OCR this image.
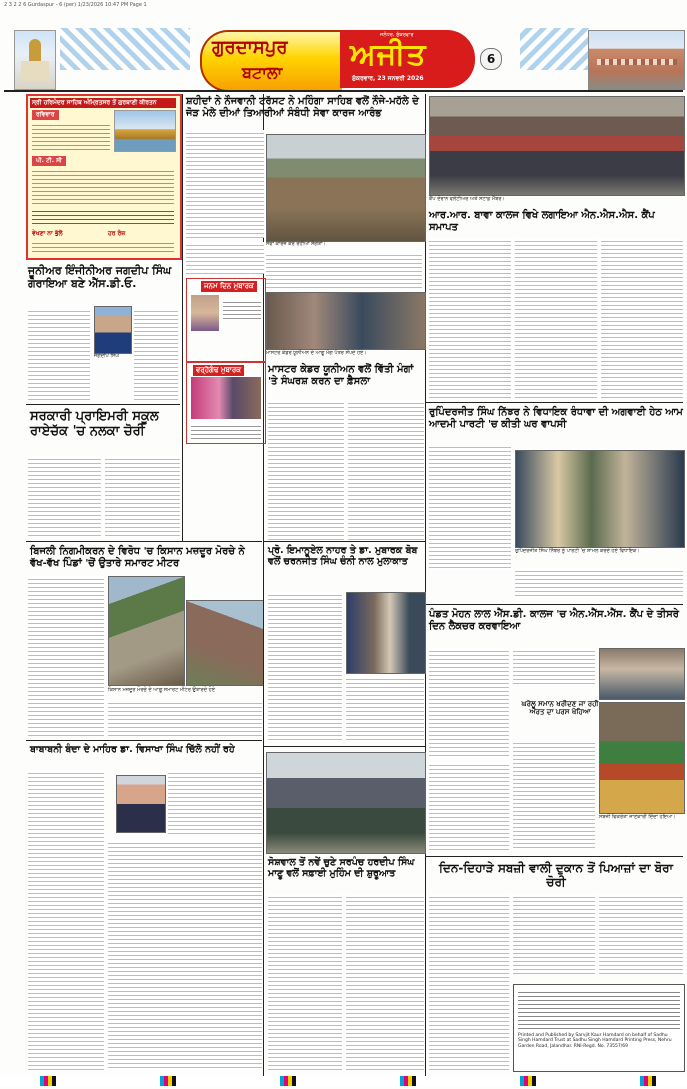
2 3 2 2 6 Gurdaspur - 6 (per) 1/23/2026 10:47 PM Page 1
ਗੁਰਦਾਸਪੁਰ
ਬਟਾਲਾ
ਜਲੰਧਰ, ਸ਼ੁੱਕਰਵਾਰ
ਅਜੀਤ
ਸ਼ੁੱਕਰਵਾਰ, 23 ਜਨਵਰੀ 2026
6
ਸ੍ਰੀ ਹਰਿਮੰਦਰ ਸਾਹਿਬ ਅੰਮ੍ਰਿਤਸਰ ਤੋਂ ਗੁਰਬਾਣੀ ਕੀਰਤਨ
ਰਵਿਵਾਰ
ਪੀ. ਟੀ. ਸੀ
ਵੇਖਣਾ ਨਾ ਭੁੱਲੋ	ਹਰ ਰੋਜ਼
ਜੂਨੀਅਰ ਇੰਜੀਨੀਅਰ ਜਗਦੀਪ ਸਿੰਘ ਗੋਰਾਇਆ ਬਣੇ ਐੱਸ.ਡੀ.ਓ.
ਜਗਦੀਪ ਸਿੰਘ
ਸਰਕਾਰੀ ਪ੍ਰਾਇਮਰੀ ਸਕੂਲ ਰਾਏਚੱਕ 'ਚ ਨਲਕਾ ਚੋਰੀ
ਬਿਜਲੀ ਨਿਗਮੀਕਰਨ ਦੇ ਵਿਰੋਧ 'ਚ ਕਿਸਾਨ ਮਜ਼ਦੂਰ ਮੋਰਚੇ ਨੇ ਵੱਖ-ਵੱਖ ਪਿੰਡਾਂ 'ਚੋਂ ਉਤਾਰੇ ਸਮਾਰਟ ਮੀਟਰ
ਕਿਸਾਨ ਮਜ਼ਦੂਰ ਮੋਰਚੇ ਦੇ ਆਗੂ ਸਮਾਰਟ ਮੀਟਰ ਉਤਾਰਦੇ ਹੋਏ
ਬਾਬਾਬਨੀ ਬੰਦਾ ਦੇ ਮਾਹਿਰ ਡਾ. ਵਿਸਾਖਾ ਸਿੰਘ ਚਿੱਲੋ ਨਹੀਂ ਰਹੇ
ਸ਼ਹੀਦਾਂ ਨੇ ਨੌਜਵਾਨੀ ਟਰੱਸਟ ਨੇ ਮਹਿੰਗਾ ਸਾਹਿਬ ਵਲੋਂ ਨੌਜੇ-ਮਹੱਲੇ ਦੇ ਜੋੜ ਮੇਲੇ ਦੀਆਂ ਤਿਆਰੀਆਂ ਸੰਬੰਧੀ ਸੇਵਾ ਕਾਰਜ ਆਰੰਭ
ਸੇਵਾ ਕਾਰਜ ਕਰ ਰਹੀਆਂ ਸੰਗਤਾਂ।
ਮਾਸਟਰ ਕੇਡਰ ਯੂਨੀਅਨ ਦੇ ਆਗੂ ਮੰਗ ਪੱਤਰ ਸੌਂਪਦੇ ਹੋਏ।
ਜਨਮ ਦਿਨ ਮੁਬਾਰਕ
ਵਰ੍ਹੇਗੰਢ ਮੁਬਾਰਕ	ਮਾਸਟਰ ਕੇਡਰ ਯੂਨੀਅਨ ਵਲੋਂ ਵਿੱਤੀ ਮੰਗਾਂ 'ਤੇ ਸੰਘਰਸ਼ ਕਰਨ ਦਾ ਫ਼ੈਸਲਾ
ਪ੍ਰੋ. ਇਮਾਨੂਏਲ ਨਾਹਰ ਤੇ ਡਾ. ਮੁਬਾਰਕ ਬੋਬ ਵਲੋਂ ਚਰਨਜੀਤ ਸਿੰਘ ਚੰਨੀ ਨਾਲ ਮੁਲਾਕਾਤ
ਸੋਸ਼ਵਾਲ ਤੋਂ ਨਵੇਂ ਚੁਣੇ ਸਰਪੰਚ ਹਰਦੀਪ ਸਿੰਘ ਮਾਣੂ ਵਲੋਂ ਸਫ਼ਾਈ ਮੁਹਿੰਮ ਦੀ ਸ਼ੁਰੂਆਤ
ਕੈਂਪ ਦੌਰਾਨ ਵਲੰਟੀਅਰ ਅਤੇ ਸਟਾਫ਼ ਮੈਂਬਰ।
ਆਰ.ਆਰ. ਬਾਵਾ ਕਾਲਜ ਵਿਖੇ ਲਗਾਇਆ ਐਨ.ਐਸ.ਐਸ. ਕੈਂਪ ਸਮਾਪਤ
ਰੁਪਿੰਦਰਜੀਤ ਸਿੰਘ ਨਿੱਝਰ ਨੇ ਵਿਧਾਇਕ ਰੰਧਾਵਾ ਦੀ ਅਗਵਾਈ ਹੇਠ ਆਮ ਆਦਮੀ ਪਾਰਟੀ 'ਚ ਕੀਤੀ ਘਰ ਵਾਪਸੀ
ਰੁਪਿੰਦਰਜੀਤ ਸਿੰਘ ਨਿੱਝਰ ਨੂੰ ਪਾਰਟੀ 'ਚ ਸ਼ਾਮਲ ਕਰਦੇ ਹੋਏ ਵਿਧਾਇਕ।
ਪੰਡਤ ਮੋਹਨ ਲਾਲ ਐੱਸ.ਡੀ. ਕਾਲਜ 'ਚ ਐਨ.ਐੱਸ.ਐੱਸ. ਕੈਂਪ ਦੇ ਤੀਸਰੇ ਦਿਨ ਲੈਕਚਰ ਕਰਵਾਇਆ
ਘਰੇਲੂ ਸਮਾਨ ਖਰੀਦਣ ਜਾ ਰਹੀ ਔਰਤ ਦਾ ਪਰਸ ਖੋਹਿਆ
ਸਬਜ਼ੀ ਵਿਕਰੇਤਾ ਜਾਣਕਾਰੀ ਦਿੰਦਾ ਹੋਇਆ।
ਦਿਨ-ਦਿਹਾੜੇ ਸਬਜ਼ੀ ਵਾਲੀ ਦੁਕਾਨ ਤੋਂ ਪਿਆਜ਼ਾਂ ਦਾ ਬੋਰਾ ਚੋਰੀ
Printed and Published by Sarvjit Kaur Hamdard on behalf of Sadhu Singh Hamdard Trust at Sadhu Singh Hamdard Printing Press, Nehru Garden Road, Jalandhar. RNI-Regd. No. 73557/69
